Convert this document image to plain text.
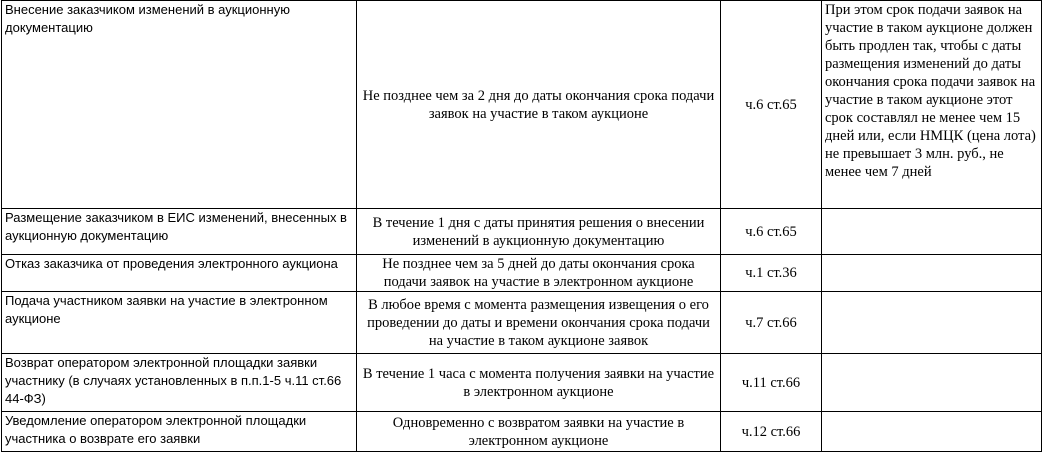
Внесение заказчиком изменений в аукционную документацию	Не позднее чем за 2 дня до даты окончания срока подачи заявок на участие в таком аукционе	ч.6 ст.65	При этом срок подачи заявок на участие в таком аукционе должен быть продлен так, чтобы с даты размещения изменений до даты окончания срока подачи заявок на участие в таком аукционе этот срок составлял не менее чем 15 дней или, если НМЦК (цена лота) не превышает 3 млн. руб., не менее чем 7 дней
Размещение заказчиком в ЕИС изменений, внесенных в аукционную документацию	В течение 1 дня с даты принятия решения о внесении изменений в аукционную документацию	ч.6 ст.65	
Отказ заказчика от проведения электронного аукциона	Не позднее чем за 5 дней до даты окончания срока подачи заявок на участие в электронном аукционе	ч.1 ст.36	
Подача участником заявки на участие в электронном аукционе	В любое время с момента размещения извещения о его проведении до даты и времени окончания срока подачи на участие в таком аукционе заявок	ч.7 ст.66	
Возврат оператором электронной площадки заявки участнику (в случаях установленных в п.п.1-5 ч.11 ст.66 44-ФЗ)	В течение 1 часа с момента получения заявки на участие в электронном аукционе	ч.11 ст.66	
Уведомление оператором электронной площадки участника о возврате его заявки	Одновременно с возвратом заявки на участие в электронном аукционе	ч.12 ст.66	
